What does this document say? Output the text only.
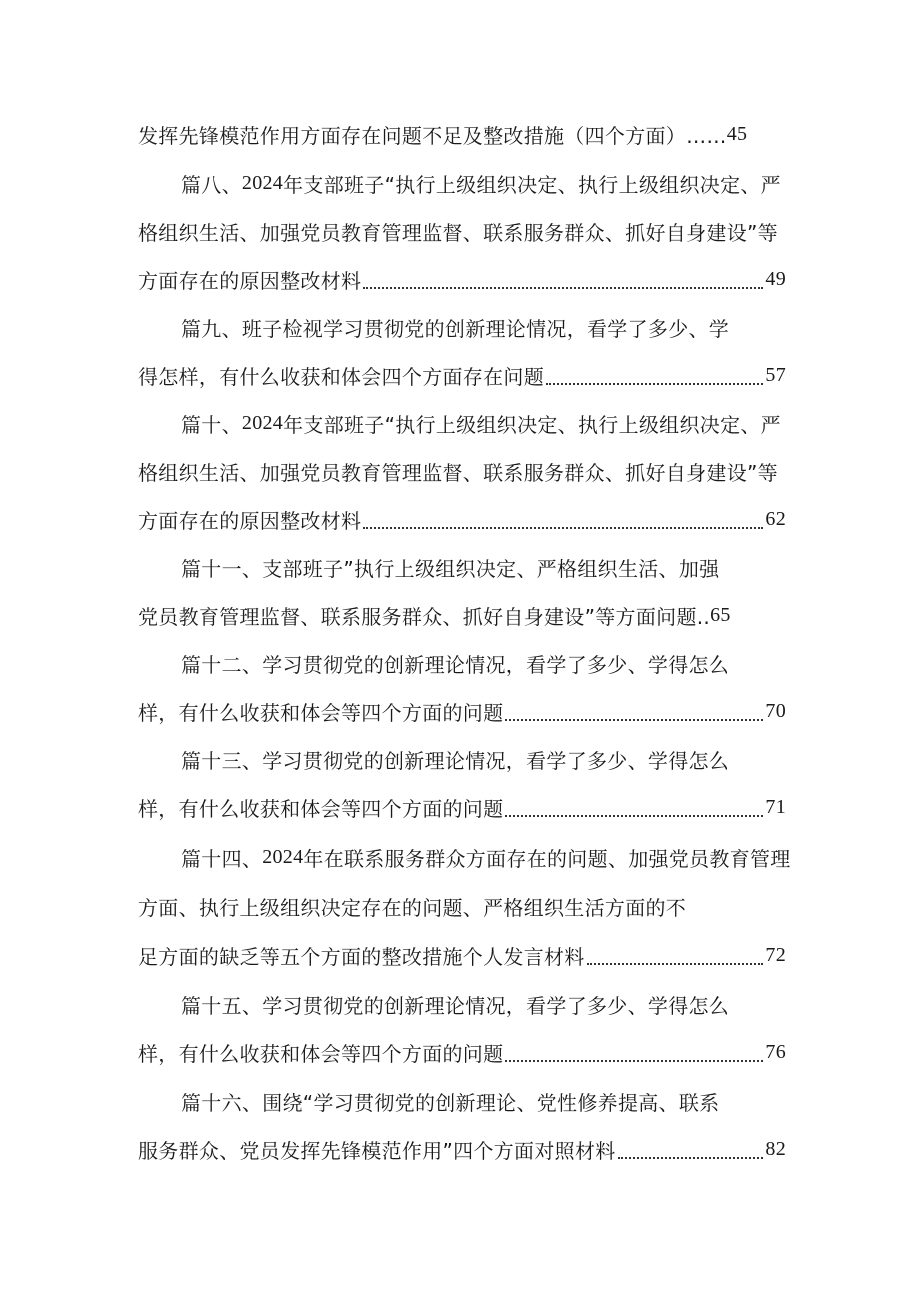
发挥先锋模范作用方面存在问题不足及整改措施（四个方面）…… 45
篇八、 2024 年支部班子“执行上级组织决定、执行上级组织决定、严
格组织生活、加强党员教育管理监督、联系服务群众、抓好自身建设”等
方面存在的原因整改材料	49
篇九、班子检视学习贯彻党的创新理论情况，看学了多少、学
得怎样，有什么收获和体会四个方面存在问题	57
篇十、 2024 年支部班子“执行上级组织决定、执行上级组织决定、严
格组织生活、加强党员教育管理监督、联系服务群众、抓好自身建设”等
方面存在的原因整改材料	62
篇十一、支部班子”执行上级组织决定、严格组织生活、加强
党员教育管理监督、联系服务群众、抓好自身建设”等方面问题.. 65
篇十二、学习贯彻党的创新理论情况，看学了多少、学得怎么
样，有什么收获和体会等四个方面的问题	70
篇十三、学习贯彻党的创新理论情况，看学了多少、学得怎么
样，有什么收获和体会等四个方面的问题	71
篇十四、 2024 年在联系服务群众方面存在的问题、加强党员教育管理
方面、执行上级组织决定存在的问题、严格组织生活方面的不
足方面的缺乏等五个方面的整改措施个人发言材料	72
篇十五、学习贯彻党的创新理论情况，看学了多少、学得怎么
样，有什么收获和体会等四个方面的问题	76
篇十六、围绕“学习贯彻党的创新理论、党性修养提高、联系
服务群众、党员发挥先锋模范作用”四个方面对照材料	82
